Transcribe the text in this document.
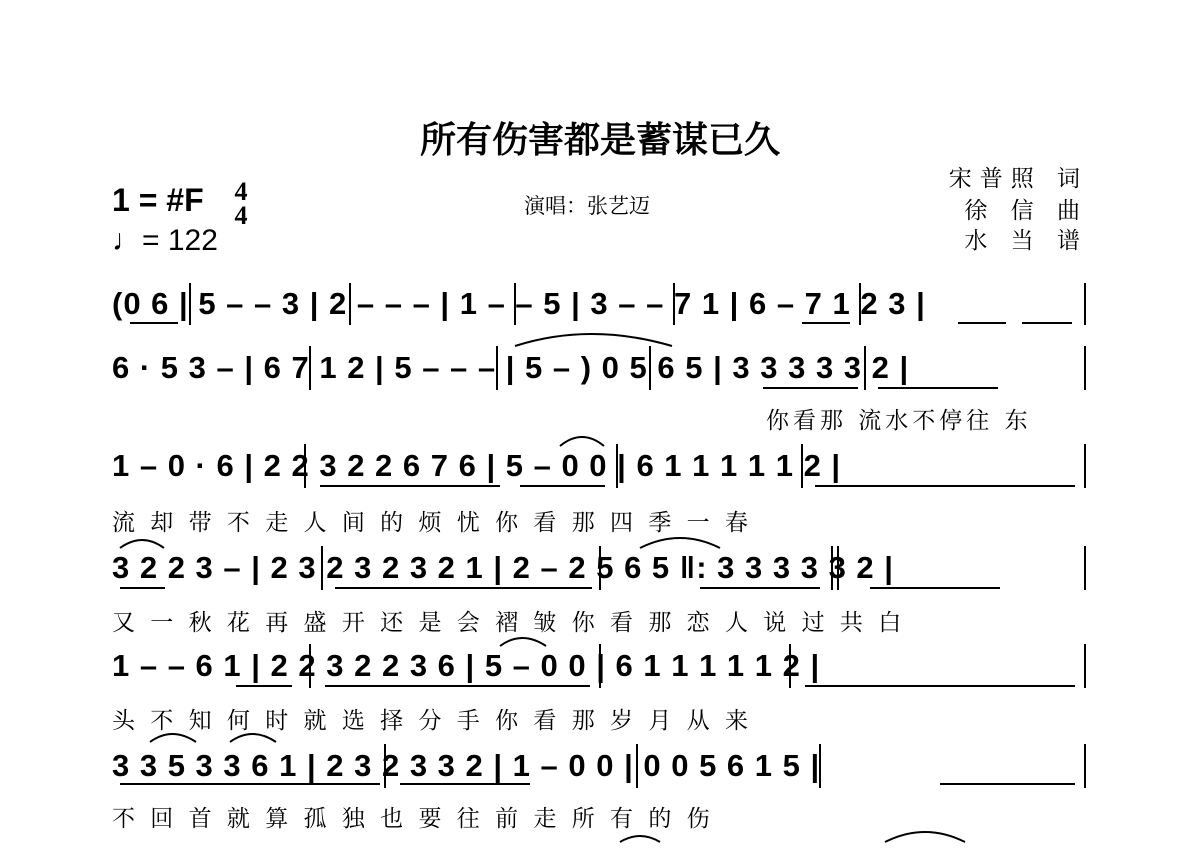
所有伤害都是蓄谋已久
宋普照 词
徐 信 曲
水 当 谱
演唱：张艺迈
1 = #F 4
4
♩= 122
(0 6 | 5 – – 3 | 2 – – – | 1 – – 5 | 3 – – 7 1 | 6 – 7 1 2 3 |
6 · 5 3 – | 6 7 1 2 | 5 – – – | 5 – ) 0 5 6 5 | 3 3 3 3 3 2 |
你看那 流水不停往 东
1 – 0 · 6 | 2 2 3 2 2 6 7 6 | 5 – 0 0 | 6 1 1 1 1 1 2 |
流 却 带 不 走 人 间 的 烦 忧 你 看 那 四 季 一 春
3 2 2 3 – | 2 3 2 3 2 3 2 1 | 2 – 2 5 6 5 ‖: 3 3 3 3 3 2 |
又 一 秋 花 再 盛 开 还 是 会 褶 皱 你 看 那 恋 人 说 过 共 白
1 – – 6 1 | 2 2 3 2 2 3 6 | 5 – 0 0 | 6 1 1 1 1 1 2 |
头 不 知 何 时 就 选 择 分 手 你 看 那 岁 月 从 来
3 3 5 3 3 6 1 | 2 3 2 3 3 2 | 1 – 0 0 | 0 0 5 6 1 5 |
不 回 首 就 算 孤 独 也 要 往 前 走 所 有 的 伤
